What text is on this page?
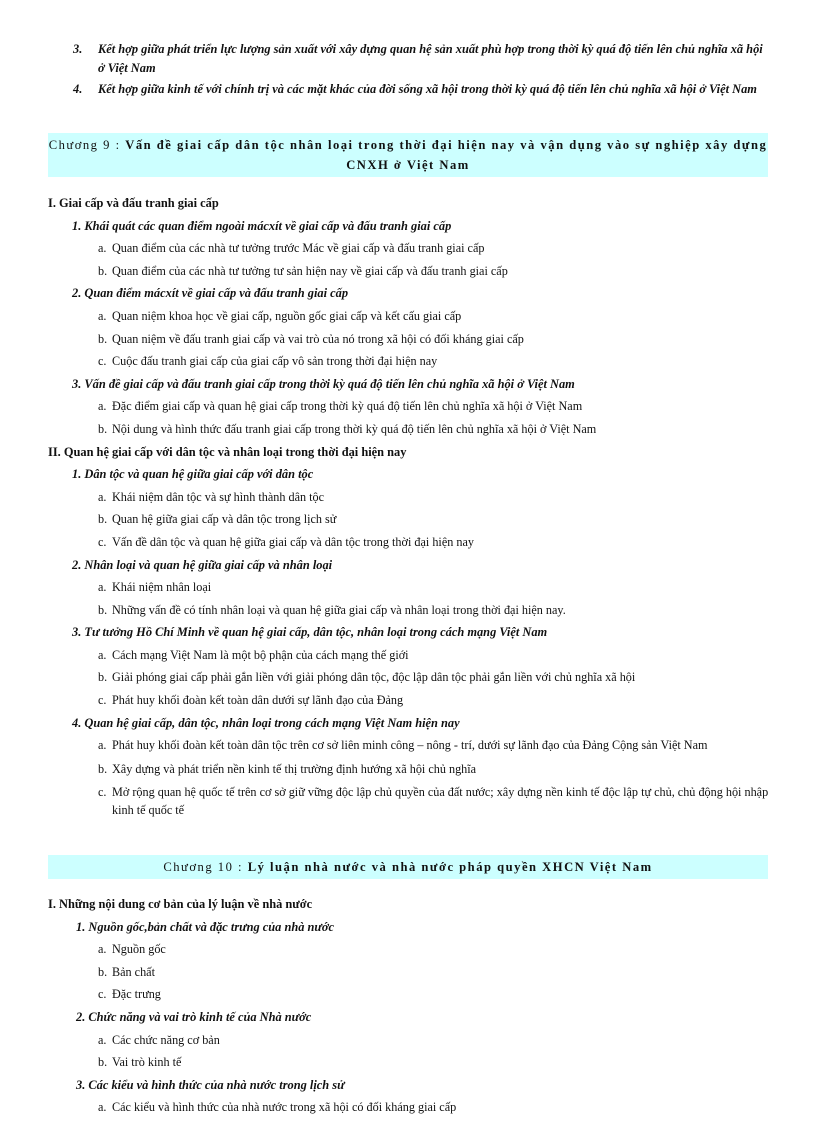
3. Kết hợp giữa phát triển lực lượng sản xuất với xây dựng quan hệ sản xuất phù hợp trong thời kỳ quá độ tiến lên chủ nghĩa xã hội ở Việt Nam
4. Kết hợp giữa kinh tế với chính trị và các mặt khác của đời sống xã hội trong thời kỳ quá độ tiến lên chủ nghĩa xã hội ở Việt Nam
Chương 9 : Vấn đề giai cấp dân tộc nhân loại trong thời đại hiện nay và vận dụng vào sự nghiệp xây dựng CNXH ở Việt Nam
I. Giai cấp và đấu tranh giai cấp
1. Khái quát các quan điểm ngoài mácxít về giai cấp và đấu tranh giai cấp
a. Quan điểm của các nhà tư tưởng trước Mác về giai cấp và đấu tranh giai cấp
b. Quan điểm của các nhà tư tưởng tư sản hiện nay về giai cấp và đấu tranh giai cấp
2. Quan điểm mácxít về giai cấp và đấu tranh giai cấp
a. Quan niệm khoa học về giai cấp, nguồn gốc giai cấp và kết cấu giai cấp
b. Quan niệm về đấu tranh giai cấp và vai trò của nó trong xã hội có đối kháng giai cấp
c. Cuộc đấu tranh giai cấp của giai cấp vô sản trong thời đại hiện nay
3. Vấn đề giai cấp và đấu tranh giai cấp trong thời kỳ quá độ tiến lên chủ nghĩa xã hội ở Việt Nam
a. Đặc điểm giai cấp và quan hệ giai cấp trong thời kỳ quá độ tiến lên chủ nghĩa xã hội ở Việt Nam
b. Nội dung và hình thức đấu tranh giai cấp trong thời kỳ quá độ tiến lên chủ nghĩa xã hội ở Việt Nam
II. Quan hệ giai cấp với dân tộc và nhân loại trong thời đại hiện nay
1. Dân tộc và quan hệ giữa giai cấp với dân tộc
a. Khái niệm dân tộc và sự hình thành dân tộc
b. Quan hệ giữa giai cấp và dân tộc trong lịch sử
c. Vấn đề dân tộc và quan hệ giữa giai cấp và dân tộc trong thời đại hiện nay
2. Nhân loại và quan hệ giữa giai cấp và nhân loại
a. Khái niệm nhân loại
b. Những vấn đề có tính nhân loại và quan hệ giữa giai cấp và nhân loại trong thời đại hiện nay.
3. Tư tưởng Hồ Chí Minh về quan hệ giai cấp, dân tộc, nhân loại trong cách mạng Việt Nam
a. Cách mạng Việt Nam là một bộ phận của cách mạng thế giới
b. Giải phóng giai cấp phải gắn liền với giải phóng dân tộc, độc lập dân tộc phải gắn liền với chủ nghĩa xã hội
c. Phát huy khối đoàn kết toàn dân dưới sự lãnh đạo của Đảng
4. Quan hệ giai cấp, dân tộc, nhân loại trong cách mạng Việt Nam hiện nay
a. Phát huy khối đoàn kết toàn dân tộc trên cơ sở liên minh công – nông - trí, dưới sự lãnh đạo của Đảng Cộng sản Việt Nam
b. Xây dựng và phát triển nền kinh tế thị trường định hướng xã hội chủ nghĩa
c. Mở rộng quan hệ quốc tế trên cơ sở giữ vững độc lập chủ quyền của đất nước; xây dựng nền kinh tế độc lập tự chủ, chủ động hội nhập kinh tế quốc tế
Chương 10 : Lý luận nhà nước và nhà nước pháp quyền XHCN Việt Nam
I. Những nội dung cơ bản của lý luận về nhà nước
1. Nguồn gốc,bản chất và đặc trưng của nhà nước
a. Nguồn gốc
b. Bản chất
c. Đặc trưng
2. Chức năng và vai trò kinh tế của Nhà nước
a. Các chức năng cơ bản
b. Vai trò kinh tế
3. Các kiểu và hình thức của nhà nước trong lịch sử
a. Các kiểu và hình thức của nhà nước trong xã hội có đối kháng giai cấp
